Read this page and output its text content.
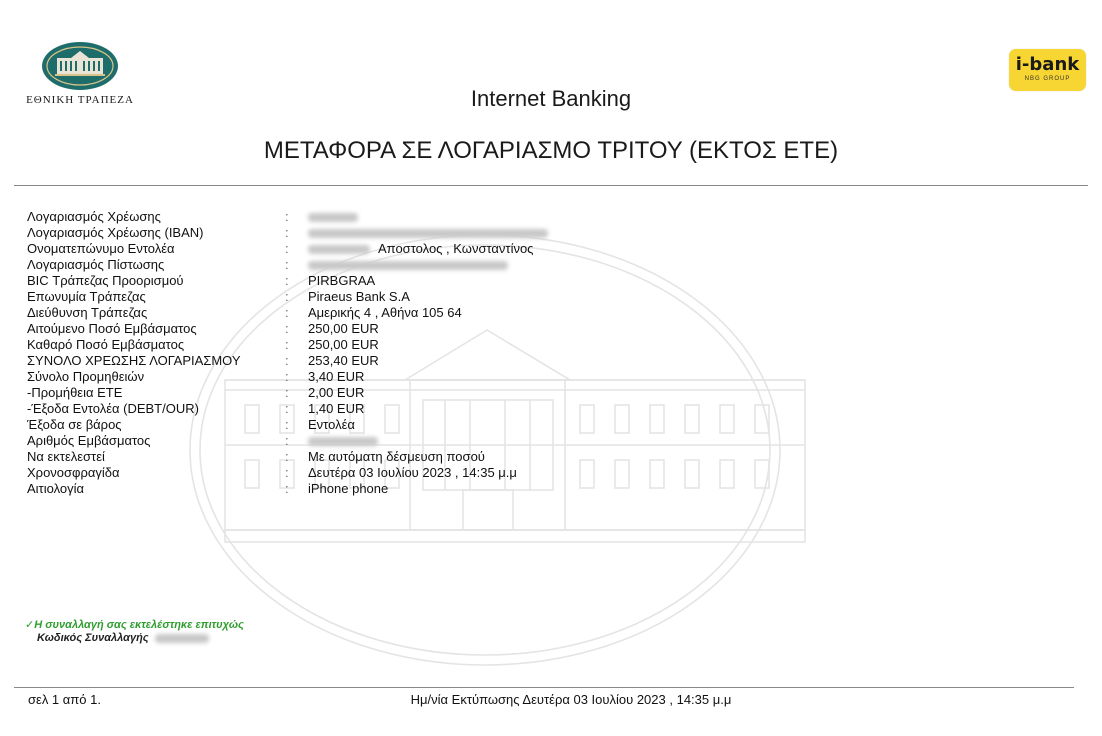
ΕΘΝΙΚΗ ΤΡΑΠΕΖΑ
i-bank
NBG GROUP
Internet Banking
ΜΕΤΑΦΟΡΑ ΣΕ ΛΟΓΑΡΙΑΣΜΟ ΤΡΙΤΟΥ (ΕΚΤΟΣ ΕΤΕ)
Λογαριασμός Χρέωσης	:
Λογαριασμός Χρέωσης (IBAN)	:
Ονοματεπώνυμο Εντολέα	:	Αποστολος , Κωνσταντίνος
Λογαριασμός Πίστωσης	:
BIC Τράπεζας Προορισμού	: PIRBGRAA
Επωνυμία Τράπεζας	: Piraeus Bank S.A
Διεύθυνση Τράπεζας	: Αμερικής 4 , Αθήνα 105 64
Αιτούμενο Ποσό Εμβάσματος	: 250,00 EUR
Καθαρό Ποσό Εμβάσματος	: 250,00 EUR
ΣΥΝΟΛΟ ΧΡΕΩΣΗΣ ΛΟΓΑΡΙΑΣΜΟΥ	: 253,40 EUR
Σύνολο Προμηθειών	: 3,40 EUR
-Προμήθεια ΕΤΕ	: 2,00 EUR
-Έξοδα Εντολέα (DEBT/OUR)	: 1,40 EUR
Έξοδα σε βάρος	: Εντολέα
Αριθμός Εμβάσματος	:
Να εκτελεστεί	: Με αυτόματη δέσμευση ποσού
Χρονοσφραγίδα	: Δευτέρα 03 Ιουλίου 2023 , 14:35 μ.μ
Αιτιολογία	: iPhone phone
✓Η συναλλαγή σας εκτελέστηκε επιτυχώς
Κωδικός Συναλλαγής
σελ 1 από 1.	Ημ/νία Εκτύπωσης Δευτέρα 03 Ιουλίου 2023 , 14:35 μ.μ
